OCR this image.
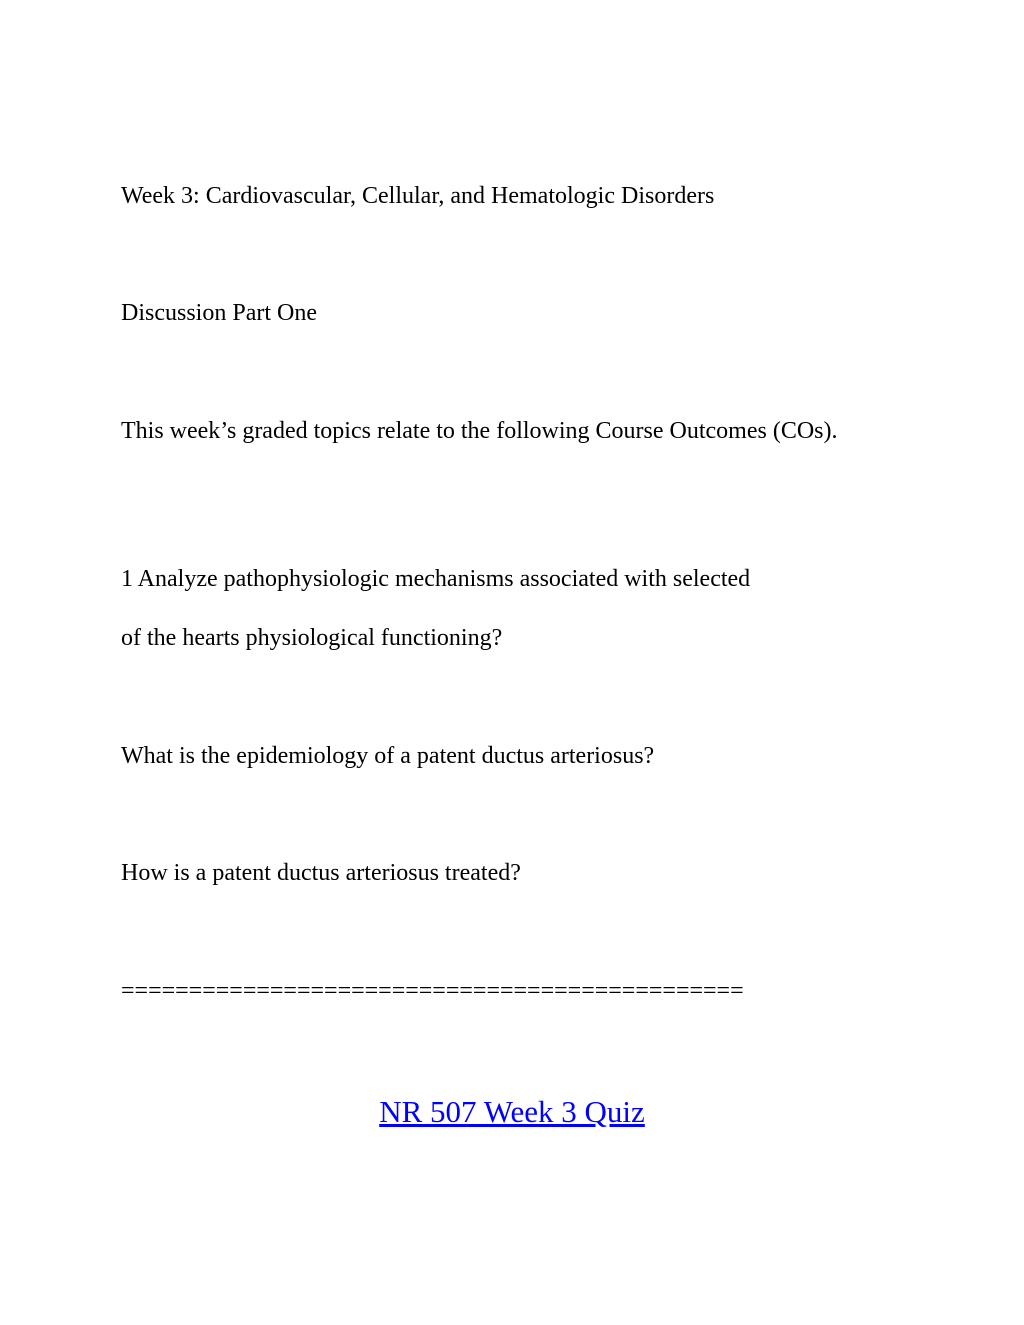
Week 3: Cardiovascular, Cellular, and Hematologic Disorders

Discussion Part One

This week’s graded topics relate to the following Course Outcomes (COs).

1 Analyze pathophysiologic mechanisms associated with selected

of the hearts physiological functioning?

What is the epidemiology of a patent ductus arteriosus?

How is a patent ductus arteriosus treated?

==============================================

NR 507 Week 3 Quiz
